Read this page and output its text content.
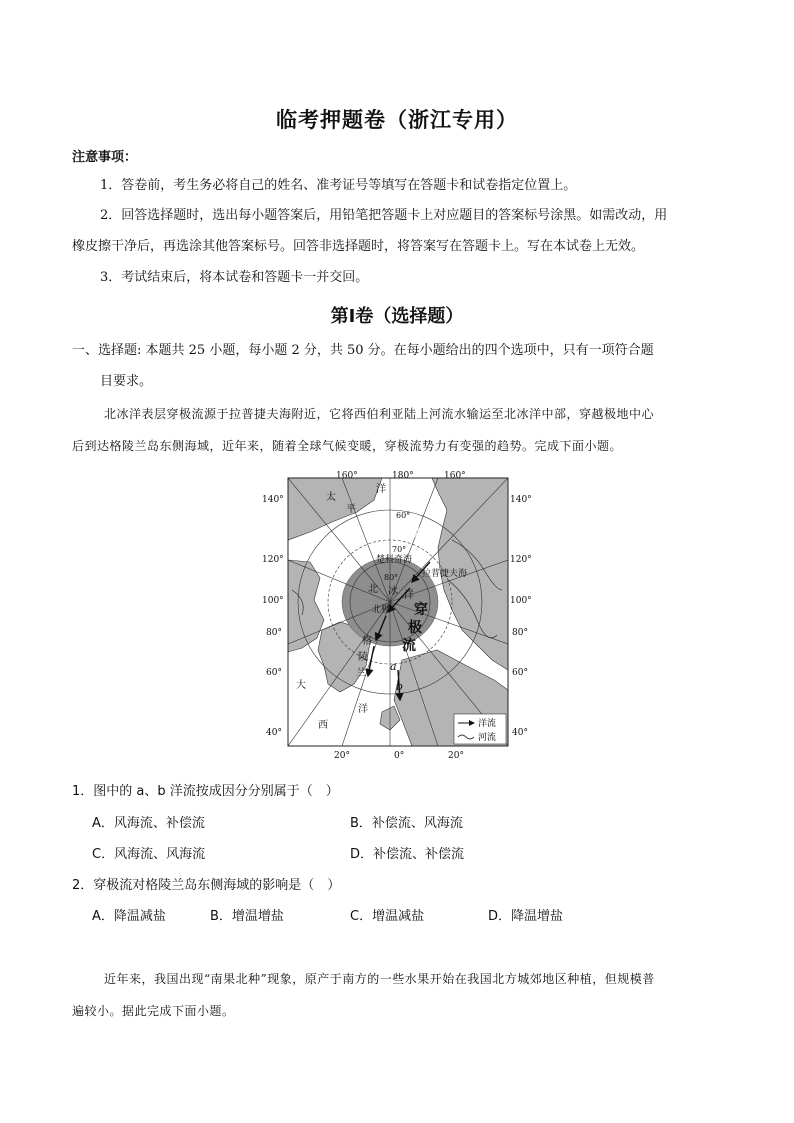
临考押题卷（浙江专用）
注意事项：
1．答卷前，考生务必将自己的姓名、准考证号等填写在答题卡和试卷指定位置上。
2．回答选择题时，选出每小题答案后，用铅笔把答题卡上对应题目的答案标号涂黑。如需改动，用
橡皮擦干净后，再选涂其他答案标号。回答非选择题时，将答案写在答题卡上。写在本试卷上无效。
3．考试结束后，将本试卷和答题卡一并交回。
第Ⅰ卷（选择题）
一、选择题: 本题共 25 小题，每小题 2 分，共 50 分。在每小题给出的四个选项中，只有一项符合题
目要求。
北冰洋表层穿极流源于拉普捷夫海附近，它将西伯利亚陆上河流水输运至北冰洋中部，穿越极地中心
后到达格陵兰岛东侧海域，近年来，随着全球气候变暖，穿极流势力有变强的趋势。完成下面小题。
160°	180°	160°
140°	140°
120°	120°
100°	100°
80°	80°
60°	60°
40°	40°
20°	0°	20°
60°
70°
80°
太
洋
平
北极圈
楚科奇海
拉普捷夫海
北 冰 洋
北极 穿
极
流
格
陵
兰
a
b
大
西
洋
洋流
河流
1．图中的 a、b 洋流按成因分分别属于（　）
A．风海流、补偿流	B．补偿流、风海流
C．风海流、风海流	D．补偿流、补偿流
2．穿极流对格陵兰岛东侧海域的影响是（　）
A．降温减盐	B．增温增盐	C．增温减盐	D．降温增盐
近年来，我国出现“南果北种”现象，原产于南方的一些水果开始在我国北方城郊地区种植，但规模普
遍较小。据此完成下面小题。
